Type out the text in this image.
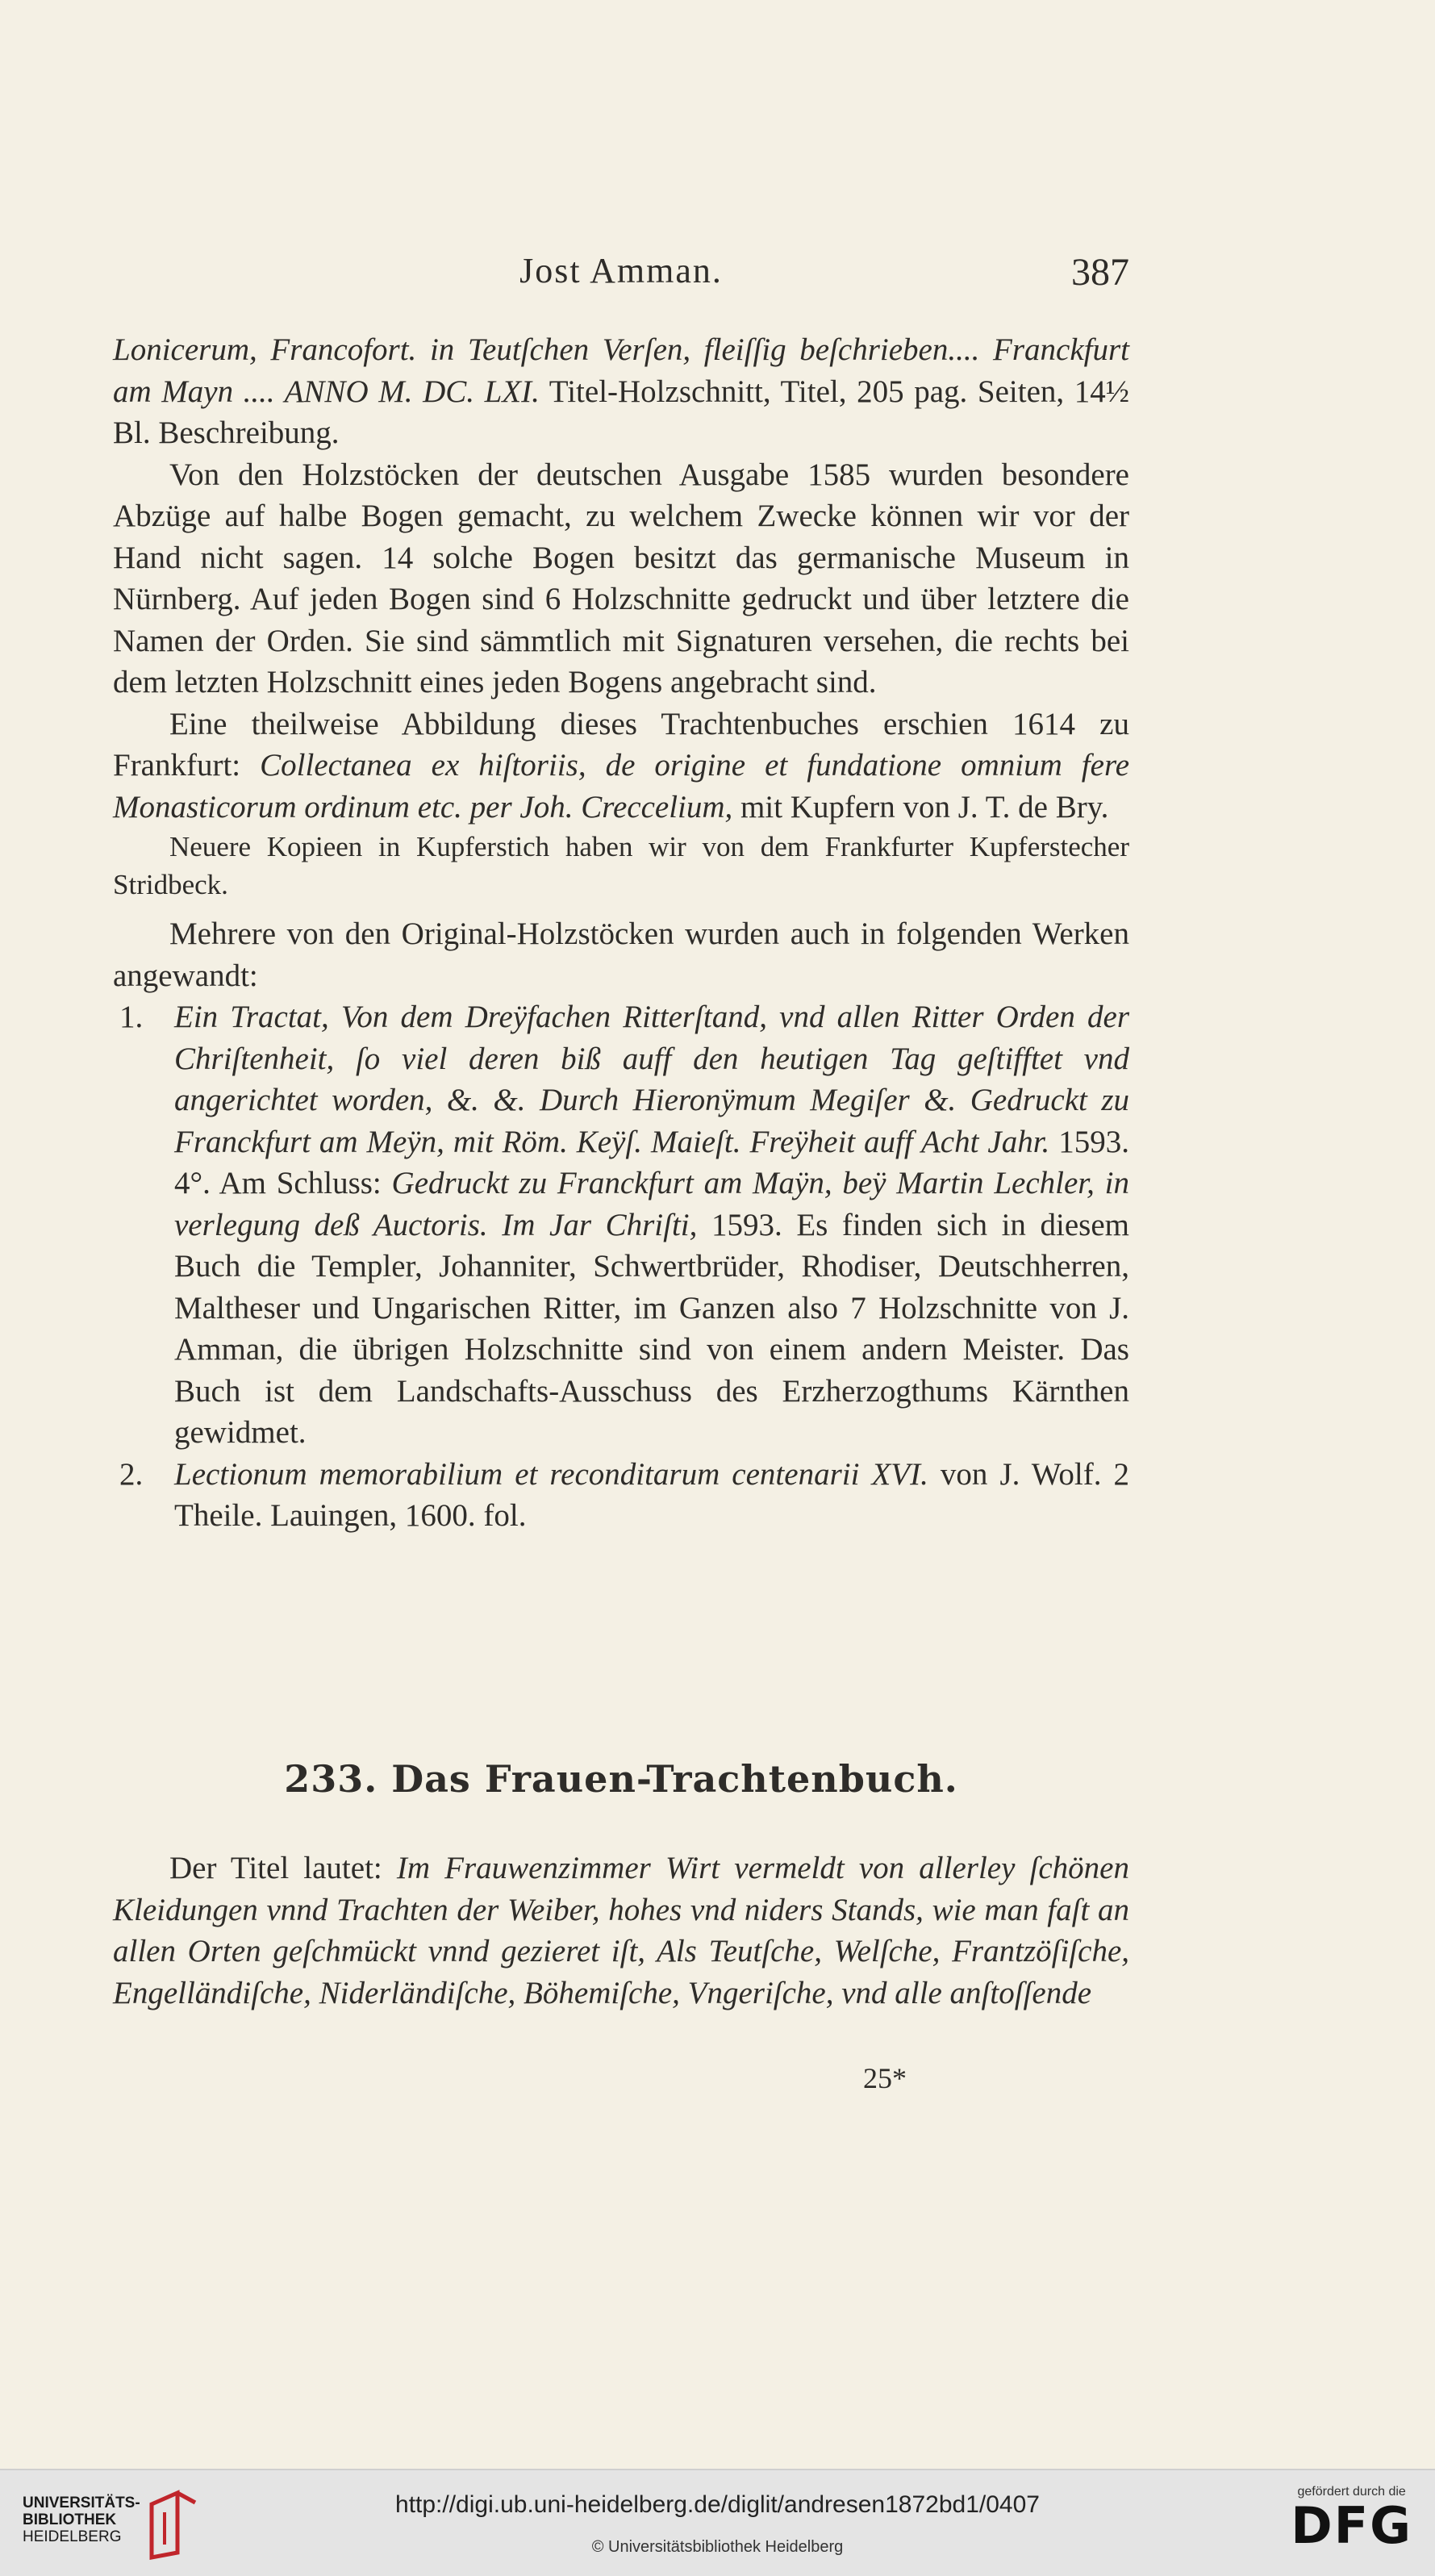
Jost Amman.	387

Lonicerum, Francofort. in Teutſchen Verſen, fleiſſig beſchrieben.... Franckfurt am Mayn .... ANNO M. DC. LXI. Titel-Holzschnitt, Titel, 205 pag. Seiten, 14½ Bl. Beschreibung.

Von den Holzstöcken der deutschen Ausgabe 1585 wurden besondere Abzüge auf halbe Bogen gemacht, zu welchem Zwecke können wir vor der Hand nicht sagen. 14 solche Bogen besitzt das germanische Museum in Nürnberg. Auf jeden Bogen sind 6 Holzschnitte gedruckt und über letztere die Namen der Orden. Sie sind sämmtlich mit Signaturen versehen, die rechts bei dem letzten Holzschnitt eines jeden Bogens angebracht sind.

Eine theilweise Abbildung dieses Trachtenbuches erschien 1614 zu Frankfurt: Collectanea ex hiſtoriis, de origine et fundatione omnium fere Monasticorum ordinum etc. per Joh. Creccelium, mit Kupfern von J. T. de Bry.

Neuere Kopieen in Kupferstich haben wir von dem Frankfurter Kupferstecher Stridbeck.

Mehrere von den Original-Holzstöcken wurden auch in folgenden Werken angewandt:

1. Ein Tractat, Von dem Dreÿfachen Ritterſtand, vnd allen Ritter Orden der Chriſtenheit, ſo viel deren biß auff den heutigen Tag geſtifftet vnd angerichtet worden, &. &. Durch Hieronÿmum Megiſer &. Gedruckt zu Franckfurt am Meÿn, mit Röm. Keÿſ. Maieſt. Freÿheit auff Acht Jahr. 1593. 4°. Am Schluss: Gedruckt zu Franckfurt am Maÿn, beÿ Martin Lechler, in verlegung deß Auctoris. Im Jar Chriſti, 1593. Es finden sich in diesem Buch die Templer, Johanniter, Schwertbrüder, Rhodiser, Deutschherren, Maltheser und Ungarischen Ritter, im Ganzen also 7 Holzschnitte von J. Amman, die übrigen Holzschnitte sind von einem andern Meister. Das Buch ist dem Landschafts-Ausschuss des Erzherzogthums Kärnthen gewidmet.

2. Lectionum memorabilium et reconditarum centenarii XVI. von J. Wolf. 2 Theile. Lauingen, 1600. fol.

233. Das Frauen-Trachtenbuch.

Der Titel lautet: Im Frauwenzimmer Wirt vermeldt von allerley ſchönen Kleidungen vnnd Trachten der Weiber, hohes vnd niders Stands, wie man faſt an allen Orten geſchmückt vnnd gezieret iſt, Als Teutſche, Welſche, Frantzöſiſche, Engelländiſche, Niderländiſche, Böhemiſche, Vngeriſche, vnd alle anſtoſſende

25*
UNIVERSITÄTS-
BIBLIOTHEK
HEIDELBERG
http://digi.ub.uni-heidelberg.de/diglit/andresen1872bd1/0407
© Universitätsbibliothek Heidelberg
gefördert durch die
DFG
